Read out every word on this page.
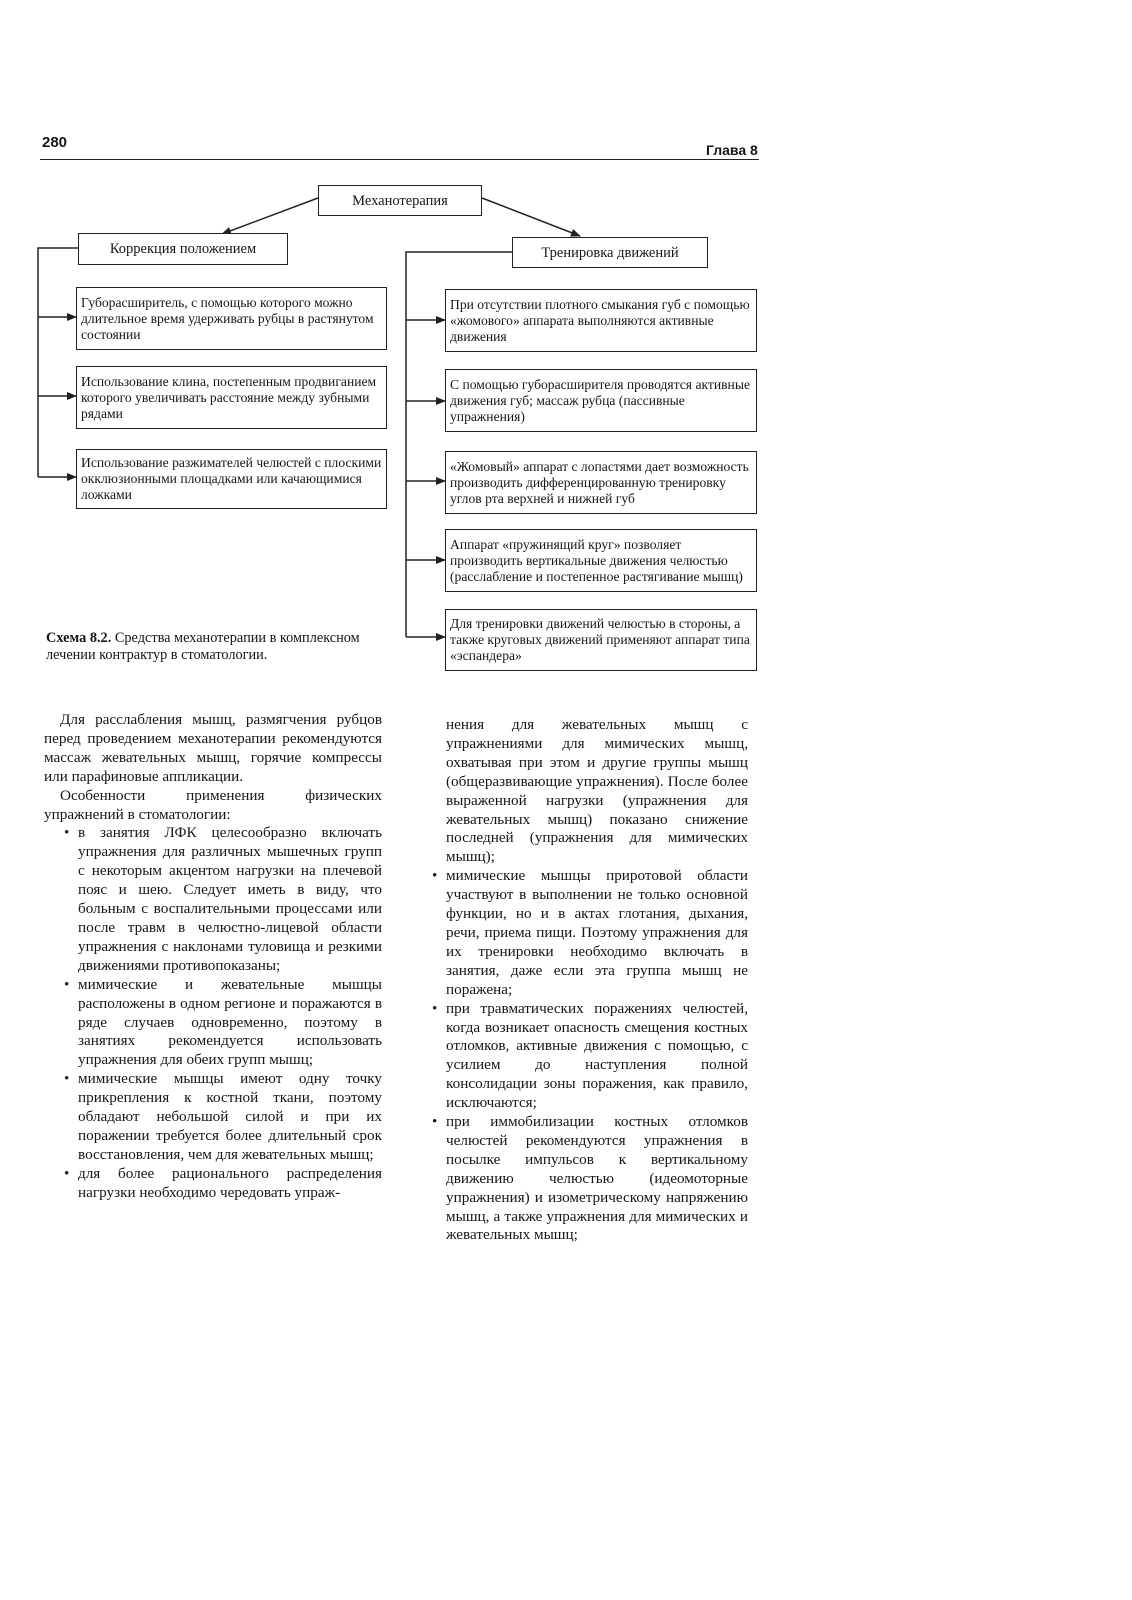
280	Глава 8
Механотерапия
Коррекция положением	Тренировка движений
Губорасширитель, с помощью которого можно длительное время удерживать рубцы в растянутом состоянии
Использование клина, постепенным продвиганием которого увеличивать расстояние между зубными рядами
Использование разжимателей челюстей с плоскими окклюзионными площадками или качающимися ложками
При отсутствии плотного смыкания губ с помощью «жомового» аппарата выполняются активные движения
С помощью губорасширителя проводятся активные движения губ; массаж рубца (пассивные упражнения)
«Жомовый» аппарат с лопастями дает возможность производить дифференцированную тренировку углов рта верхней и нижней губ
Аппарат «пружинящий круг» позволяет производить вертикальные движения челюстью (расслабление и постепенное растягивание мышц)
Для тренировки движений челюстью в стороны, а также круговых движений применяют аппарат типа «эспандера»
Схема 8.2. Средства механотерапии в комплексном лечении контрактур в стоматологии.

Для расслабления мышц, размягчения рубцов перед проведением механотерапии рекомендуются массаж жевательных мышц, горячие компрессы или парафиновые аппликации.

Особенности применения физических упражнений в стоматологии:

• в занятия ЛФК целесообразно включать упражнения для различных мышечных групп с некоторым акцентом нагрузки на плечевой пояс и шею. Следует иметь в виду, что больным с воспалительными процессами или после травм в челюстно-лицевой области упражнения с наклонами туловища и резкими движениями противопоказаны;
• мимические и жевательные мышцы расположены в одном регионе и поражаются в ряде случаев одновременно, поэтому в занятиях рекомендуется использовать упражнения для обеих групп мышц;
• мимические мышцы имеют одну точку прикрепления к костной ткани, поэтому обладают небольшой силой и при их поражении требуется более длительный срок восстановления, чем для жевательных мышц;
• для более рационального распределения нагрузки необходимо чередовать упраж-

нения для жевательных мышц с упражнениями для мимических мышц, охватывая при этом и другие группы мышц (общеразвивающие упражнения). После более выраженной нагрузки (упражнения для жевательных мышц) показано снижение последней (упражнения для мимических мышц);

• мимические мышцы приротовой области участвуют в выполнении не только основной функции, но и в актах глотания, дыхания, речи, приема пищи. Поэтому упражнения для их тренировки необходимо включать в занятия, даже если эта группа мышц не поражена;
• при травматических поражениях челюстей, когда возникает опасность смещения костных отломков, активные движения с помощью, с усилием до наступления полной консолидации зоны поражения, как правило, исключаются;
• при иммобилизации костных отломков челюстей рекомендуются упражнения в посылке импульсов к вертикальному движению челюстью (идеомоторные упражнения) и изометрическому напряжению мышц, а также упражнения для мимических и жевательных мышц;
